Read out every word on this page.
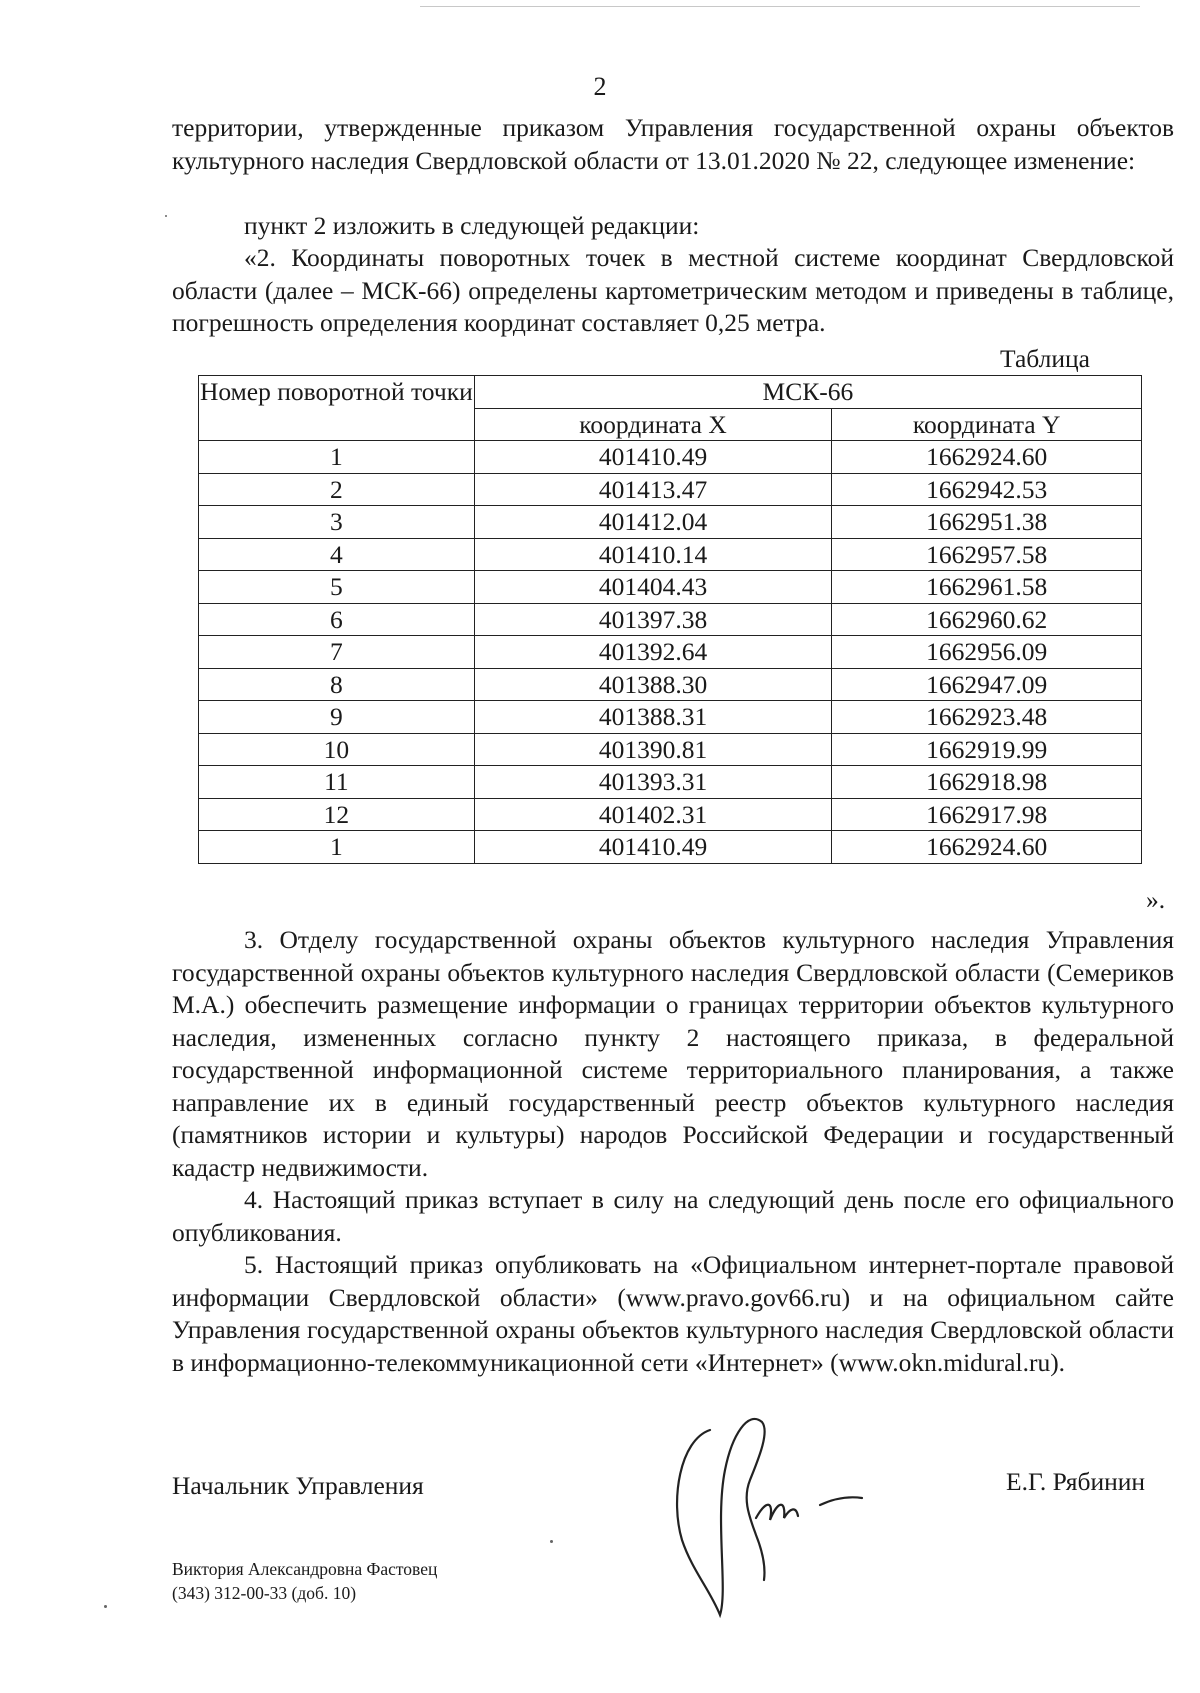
2

территории, утвержденные приказом Управления государственной охраны объектов культурного наследия Свердловской области от 13.01.2020 № 22, следующее изменение:

пункт 2 изложить в следующей редакции:

«2. Координаты поворотных точек в местной системе координат Свердловской области (далее – МСК-66) определены картометрическим методом и приведены в таблице, погрешность определения координат составляет 0,25 метра.

Таблица
Номер поворотной точки	МСК-66	
	координата X	координата Y
1	401410.49	1662924.60
2	401413.47	1662942.53
3	401412.04	1662951.38
4	401410.14	1662957.58
5	401404.43	1662961.58
6	401397.38	1662960.62
7	401392.64	1662956.09
8	401388.30	1662947.09
9	401388.31	1662923.48
10	401390.81	1662919.99
11	401393.31	1662918.98
12	401402.31	1662917.98
1	401410.49	1662924.60
».

3. Отделу государственной охраны объектов культурного наследия Управления государственной охраны объектов культурного наследия Свердловской области (Семериков М.А.) обеспечить размещение информации о границах территории объектов культурного наследия, измененных согласно пункту 2 настоящего приказа, в федеральной государственной информационной системе территориального планирования, а также направление их в единый государственный реестр объектов культурного наследия (памятников истории и культуры) народов Российской Федерации и государственный кадастр недвижимости.

4. Настоящий приказ вступает в силу на следующий день после его официального опубликования.

5. Настоящий приказ опубликовать на «Официальном интернет-портале правовой информации Свердловской области» (www.pravo.gov66.ru) и на официальном сайте Управления государственной охраны объектов культурного наследия Свердловской области в информационно-телекоммуникационной сети «Интернет» (www.okn.midural.ru).

Начальник Управления	Е.Г. Рябинин
Виктория Александровна Фастовец
(343) 312-00-33 (доб. 10)
